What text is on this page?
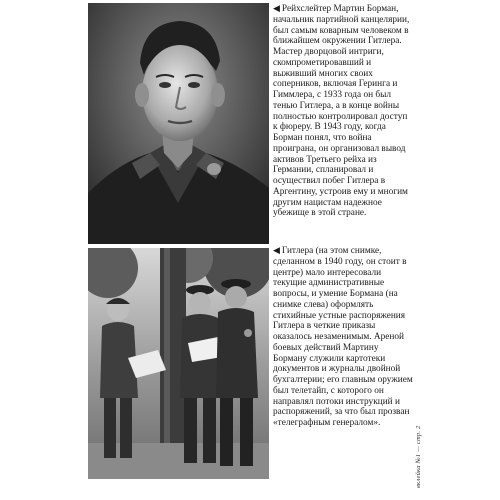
◀ Рейхслейтер Мартин Борман, начальник партийной канцелярии, был самым коварным человеком в ближайшем окружении Гитлера. Мастер дворцовой интриги, скомпрометировавший и выживший многих своих соперников, включая Геринга и Гиммлера, с 1933 года он был тенью Гитлера, а в конце войны полностью контролировал доступ к фюреру. В 1943 году, когда Борман понял, что война проиграна, он организовал вывод активов Третьего рейха из Германии, спланировал и осуществил побег Гитлера в Аргентину, устроив ему и многим другим нацистам надежное убежище в этой стране.
◀ Гитлера (на этом снимке, сделанном в 1940 году, он стоит в центре) мало интересовали текущие административные вопросы, и умение Бормана (на снимке слева) оформлять стихийные устные распоряжения Гитлера в четкие приказы оказалось незаменимым. Ареной боевых действий Мартину Борману служили картотеки документов и журналы двойной бухгалтерии; его главным оружием был телетайп, с которого он направлял потоки инструкций и распоряжений, за что был прозван «телеграфным генералом».
вклейка №1 — стр. 2
